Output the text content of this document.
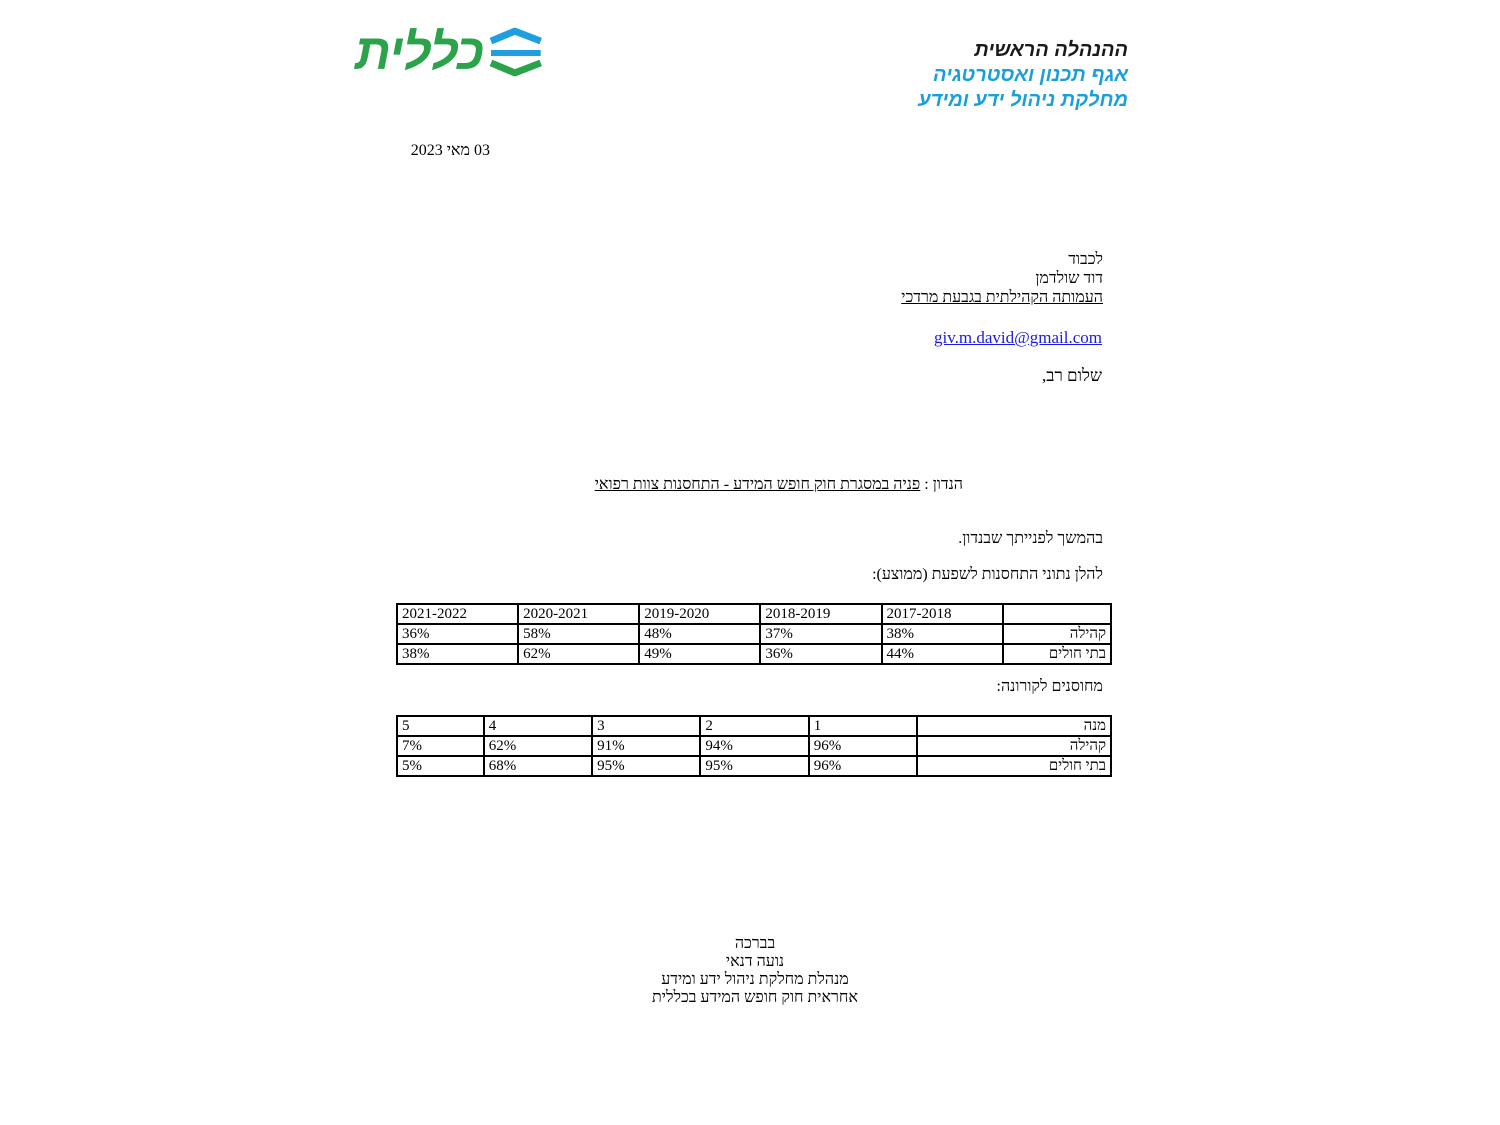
כללית	ההנהלה הראשית
אגף תכנון ואסטרטגיה
מחלקת ניהול ידע ומידע
03 מאי 2023
לכבוד
דוד שולדמן
העמותה הקהילתית בגבעת מרדכי
giv.m.david@gmail.com
שלום רב,
הנדון : פניה במסגרת חוק חופש המידע - התחסנות צוות רפואי
בהמשך לפנייתך שבנדון.
להלן נתוני התחסנות לשפעת (ממוצע):
	2017-2018	2018-2019	2019-2020	2020-2021	2021-2022
קהילה	38%	37%	48%	58%	36%
בתי חולים	44%	36%	49%	62%	38%
מחוסנים לקורונה:
מנה	1	2	3	4	5
קהילה	96%	94%	91%	62%	7%
בתי חולים	96%	95%	95%	68%	5%
בברכה
נועה דנאי
מנהלת מחלקת ניהול ידע ומידע
אחראית חוק חופש המידע בכללית
